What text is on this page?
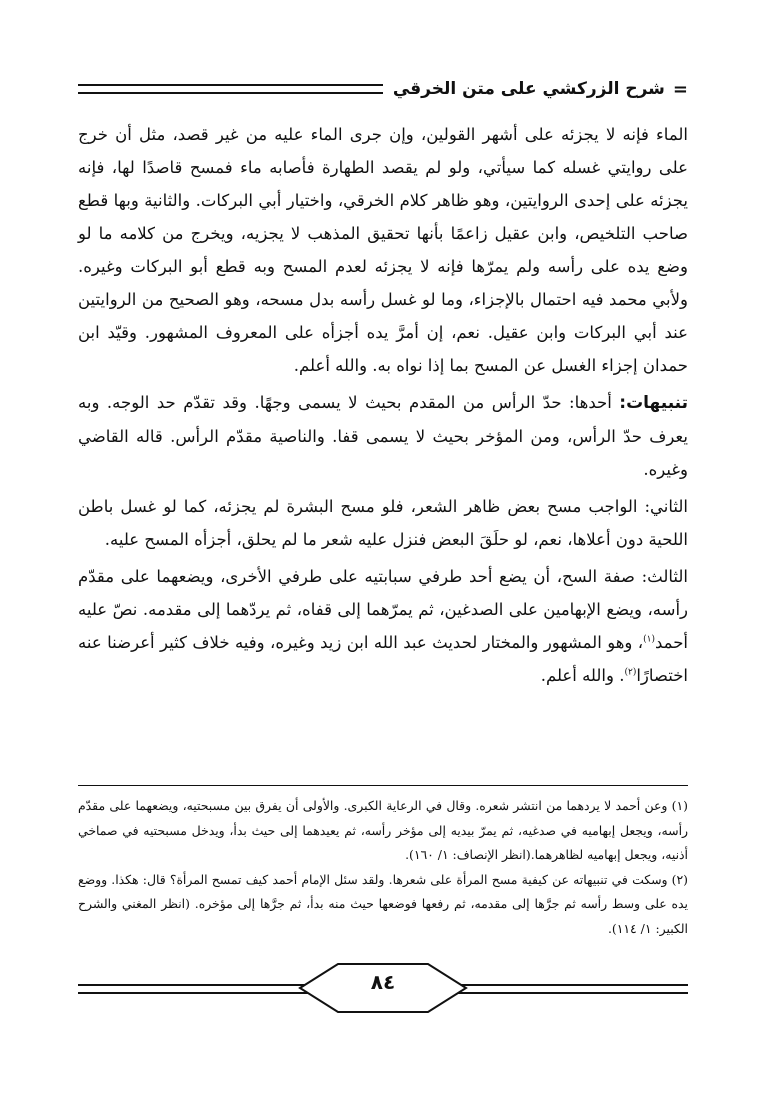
=
شرح الزركشي على متن الخرقي

الماء فإنه لا يجزئه على أشهر القولين، وإن جرى الماء عليه من غير قصد، مثل أن خرج على روايتي غسله كما سيأتي، ولو لم يقصد الطهارة فأصابه ماء فمسح قاصدًا لها، فإنه يجزئه على إحدى الروايتين، وهو ظاهر كلام الخرقي، واختيار أبي البركات. والثانية وبها قطع صاحب التلخيص، وابن عقيل زاعمًا بأنها تحقيق المذهب لا يجزيه، ويخرج من كلامه ما لو وضع يده على رأسه ولم يمرّها فإنه لا يجزئه لعدم المسح وبه قطع أبو البركات وغيره. ولأبي محمد فيه احتمال بالإجزاء، وما لو غسل رأسه بدل مسحه، وهو الصحيح من الروايتين عند أبي البركات وابن عقيل. نعم، إن أمرَّ يده أجزأه على المعروف المشهور. وقيّد ابن حمدان إجزاء الغسل عن المسح بما إذا نواه به. والله أعلم.

تنبيهات: أحدها: حدّ الرأس من المقدم بحيث لا يسمى وجهًا. وقد تقدّم حد الوجه. وبه يعرف حدّ الرأس، ومن المؤخر بحيث لا يسمى قفا. والناصية مقدّم الرأس. قاله القاضي وغيره.

الثاني: الواجب مسح بعض ظاهر الشعر، فلو مسح البشرة لم يجزئه، كما لو غسل باطن اللحية دون أعلاها، نعم، لو حلَقَ البعض فنزل عليه شعر ما لم يحلق، أجزأه المسح عليه.

الثالث: صفة السح، أن يضع أحد طرفي سبابتيه على طرفي الأخرى، ويضعهما على مقدّم رأسه، ويضع الإبهامين على الصدغين، ثم يمرّهما إلى قفاه، ثم يردّهما إلى مقدمه. نصّ عليه أحمد$^{(١)}$، وهو المشهور والمختار لحديث عبد الله ابن زيد وغيره، وفيه خلاف كثير أعرضنا عنه اختصارًا$^{(٢)}$. والله أعلم.

(١) وعن أحمد لا يردهما من انتشر شعره. وقال في الرعاية الكبرى. والأولى أن يفرق بين مسبحتيه، ويضعهما على مقدّم رأسه، ويجعل إبهاميه في صدغيه، ثم يمرّ بيديه إلى مؤخر رأسه، ثم يعيدهما إلى حيث بدأ، ويدخل مسبحتيه في صماخي أذنيه، ويجعل إبهاميه لظاهرهما.(انظر الإنصاف: ١/ ١٦٠).

(٢) وسكت في تنبيهاته عن كيفية مسح المرأة على شعرها. ولقد سئل الإمام أحمد كيف تمسح المرأة؟ قال: هكذا. ووضع يده على وسط رأسه ثم جرَّها إلى مقدمه، ثم رفعها فوضعها حيث منه بدأ، ثم جرَّها إلى مؤخره. (انظر المغني والشرح الكبير: ١/ ١١٤).

٨٤
